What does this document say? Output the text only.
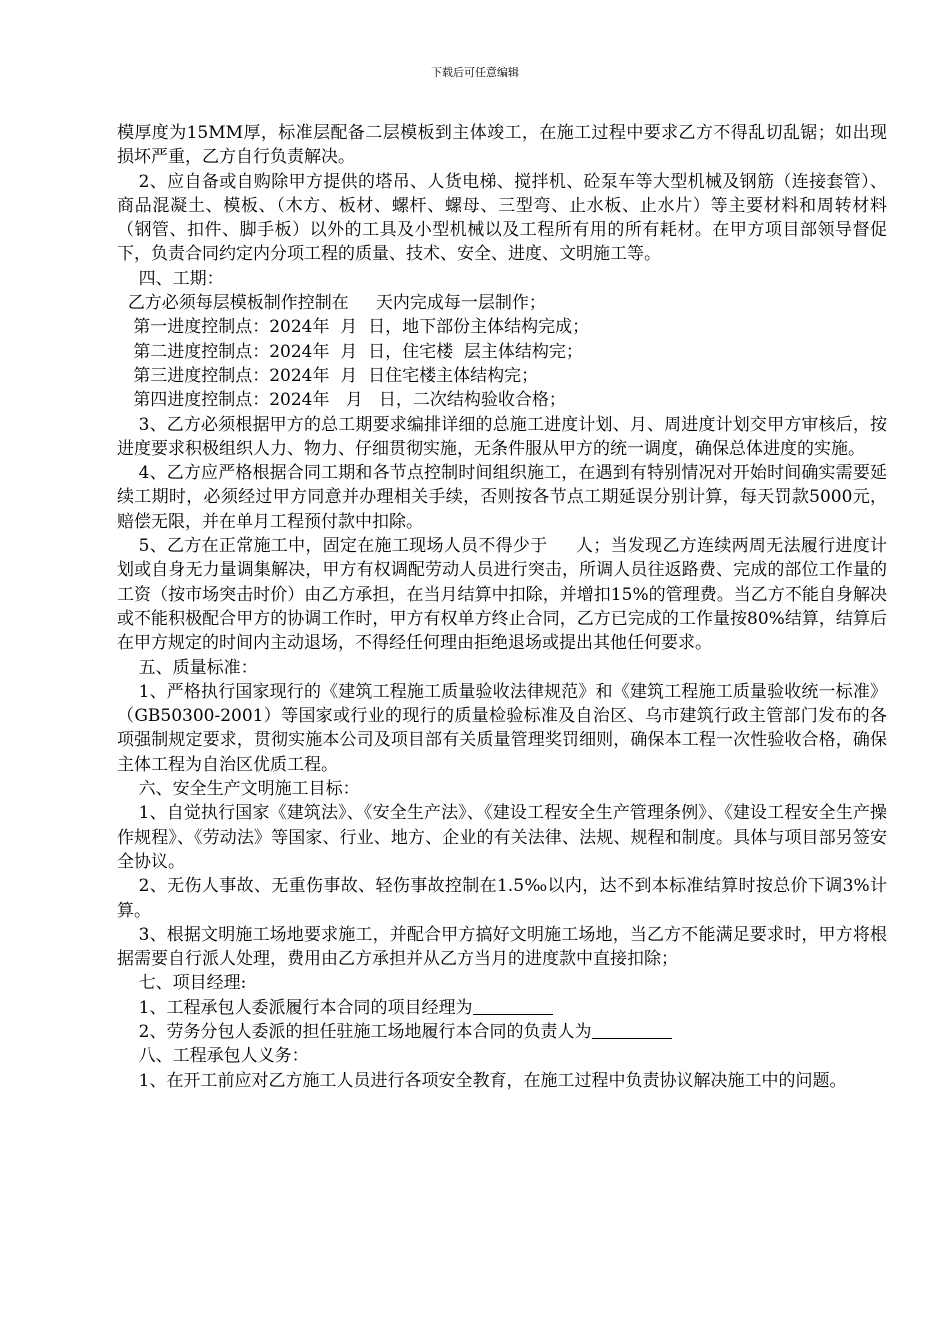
下载后可任意编辑

模厚度为15MM厚，标准层配备二层模板到主体竣工，在施工过程中要求乙方不得乱切乱锯；如出现损坏严重，乙方自行负责解决。

2、应自备或自购除甲方提供的塔吊、人货电梯、搅拌机、砼泵车等大型机械及钢筋（连接套管）、商品混凝土、模板、（木方、板材、螺杆、螺母、三型弯、止水板、止水片）等主要材料和周转材料（钢管、扣件、脚手板）以外的工具及小型机械以及工程所有用的所有耗材。在甲方项目部领导督促下，负责合同约定内分项工程的质量、技术、安全、进度、文明施工等。

四、工期：

乙方必须每层模板制作控制在     天内完成每一层制作；

第一进度控制点：2024年  月  日，地下部份主体结构完成；

第二进度控制点：2024年  月  日，住宅楼  层主体结构完；

第三进度控制点：2024年  月  日住宅楼主体结构完；

第四进度控制点：2024年   月   日，二次结构验收合格；

3、乙方必须根据甲方的总工期要求编排详细的总施工进度计划、月、周进度计划交甲方审核后，按进度要求积极组织人力、物力、仔细贯彻实施，无条件服从甲方的统一调度，确保总体进度的实施。

4、乙方应严格根据合同工期和各节点控制时间组织施工，在遇到有特别情况对开始时间确实需要延续工期时，必须经过甲方同意并办理相关手续，否则按各节点工期延误分别计算，每天罚款5000元，赔偿无限，并在单月工程预付款中扣除。

5、乙方在正常施工中，固定在施工现场人员不得少于     人；当发现乙方连续两周无法履行进度计划或自身无力量调集解决，甲方有权调配劳动人员进行突击，所调人员往返路费、完成的部位工作量的工资（按市场突击时价）由乙方承担，在当月结算中扣除，并增扣15%的管理费。当乙方不能自身解决或不能积极配合甲方的协调工作时，甲方有权单方终止合同，乙方已完成的工作量按80%结算，结算后在甲方规定的时间内主动退场，不得经任何理由拒绝退场或提出其他任何要求。

五、质量标准：

1、严格执行国家现行的《建筑工程施工质量验收法律规范》和《建筑工程施工质量验收统一标准》（GB50300-2001）等国家或行业的现行的质量检验标准及自治区、乌市建筑行政主管部门发布的各项强制规定要求，贯彻实施本公司及项目部有关质量管理奖罚细则，确保本工程一次性验收合格，确保主体工程为自治区优质工程。

六、安全生产文明施工目标：

1、自觉执行国家《建筑法》、《安全生产法》、《建设工程安全生产管理条例》、《建设工程安全生产操作规程》、《劳动法》等国家、行业、地方、企业的有关法律、法规、规程和制度。具体与项目部另签安全协议。

2、无伤人事故、无重伤事故、轻伤事故控制在1.5‰以内，达不到本标准结算时按总价下调3%计算。

3、根据文明施工场地要求施工，并配合甲方搞好文明施工场地，当乙方不能满足要求时，甲方将根据需要自行派人处理，费用由乙方承担并从乙方当月的进度款中直接扣除；

七、项目经理:

1、工程承包人委派履行本合同的项目经理为

2、劳务分包人委派的担任驻施工场地履行本合同的负责人为

八、工程承包人义务：

1、在开工前应对乙方施工人员进行各项安全教育，在施工过程中负责协议解决施工中的问题。
